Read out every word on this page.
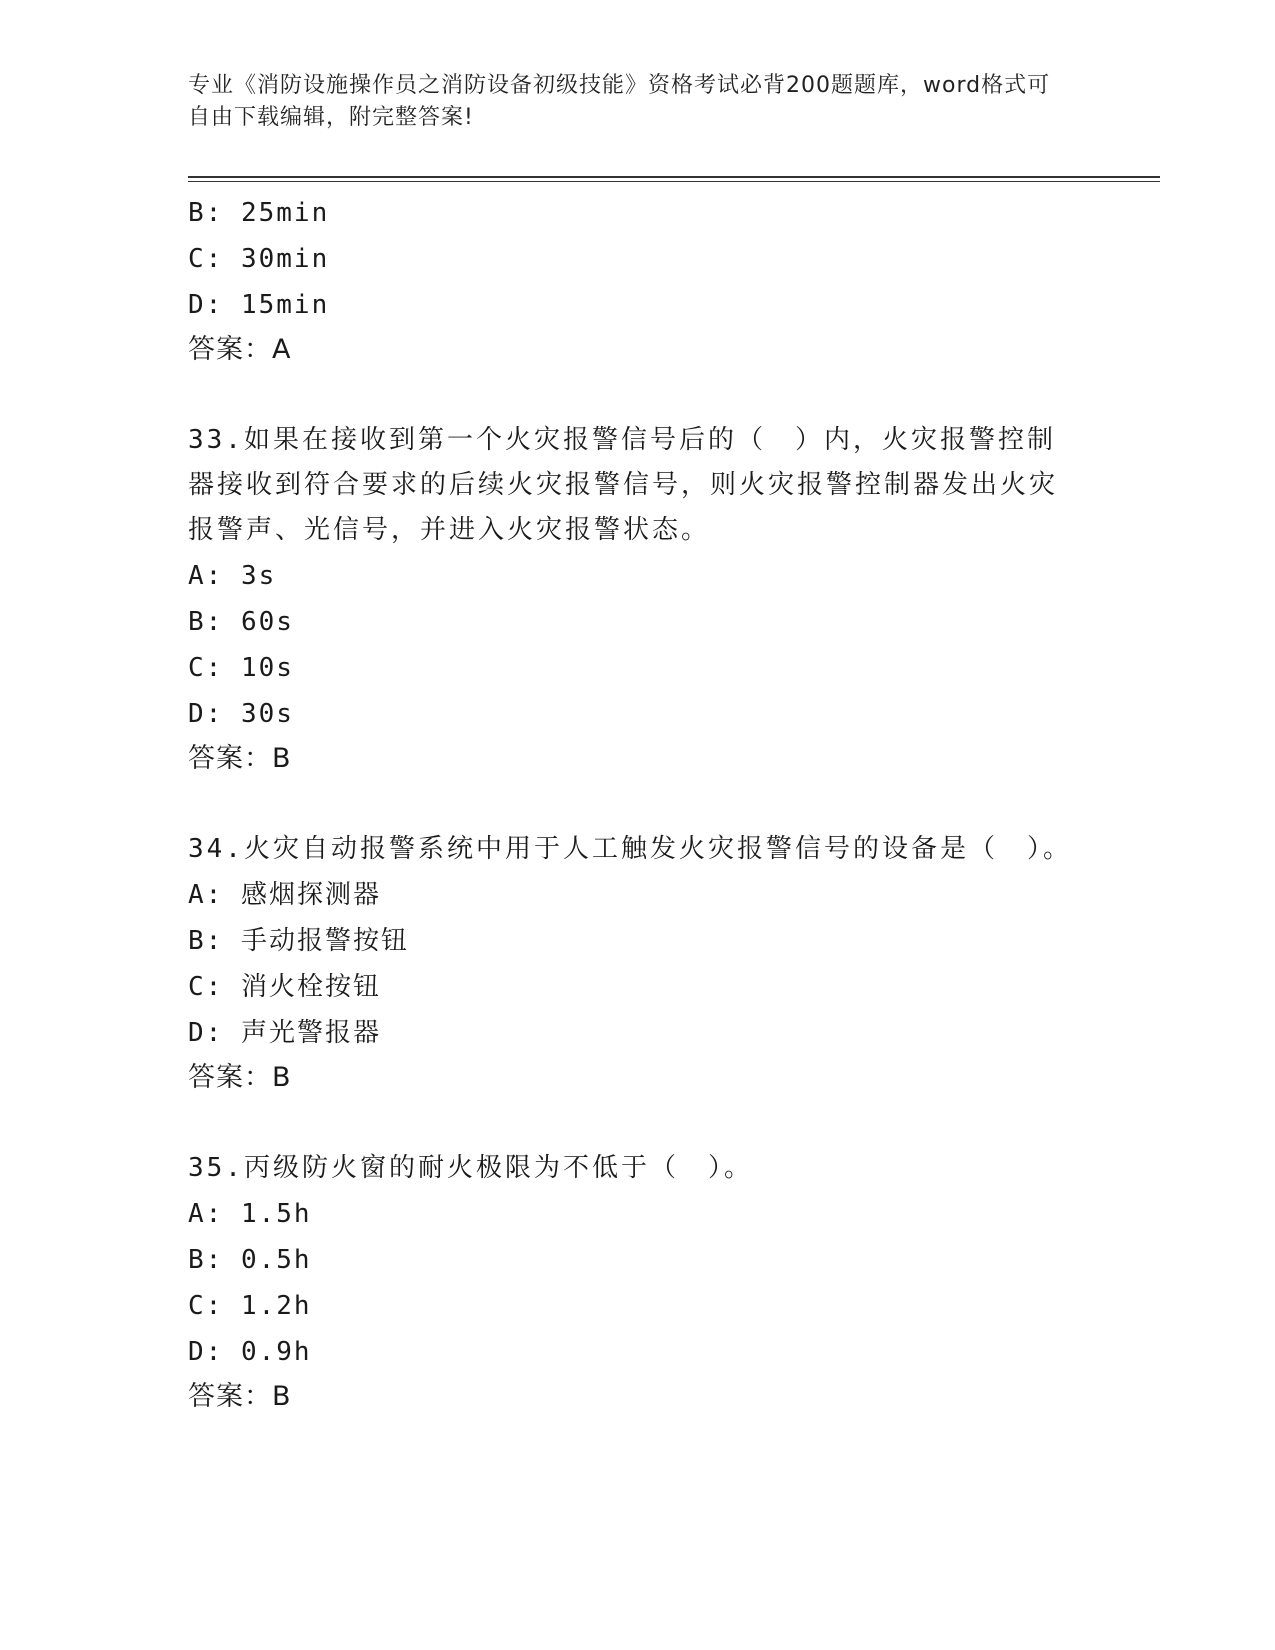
专业《消防设施操作员之消防设备初级技能》资格考试必背200题题库，word格式可自由下载编辑，附完整答案!
B: 25min
C: 30min
D: 15min
答案：A
33.如果在接收到第一个火灾报警信号后的（　）内，火灾报警控制器接收到符合要求的后续火灾报警信号，则火灾报警控制器发出火灾报警声、光信号，并进入火灾报警状态。
A: 3s
B: 60s
C: 10s
D: 30s
答案：B
34.火灾自动报警系统中用于人工触发火灾报警信号的设备是（　）。
A: 感烟探测器
B: 手动报警按钮
C: 消火栓按钮
D: 声光警报器
答案：B
35.丙级防火窗的耐火极限为不低于（　）。
A: 1.5h
B: 0.5h
C: 1.2h
D: 0.9h
答案：B
